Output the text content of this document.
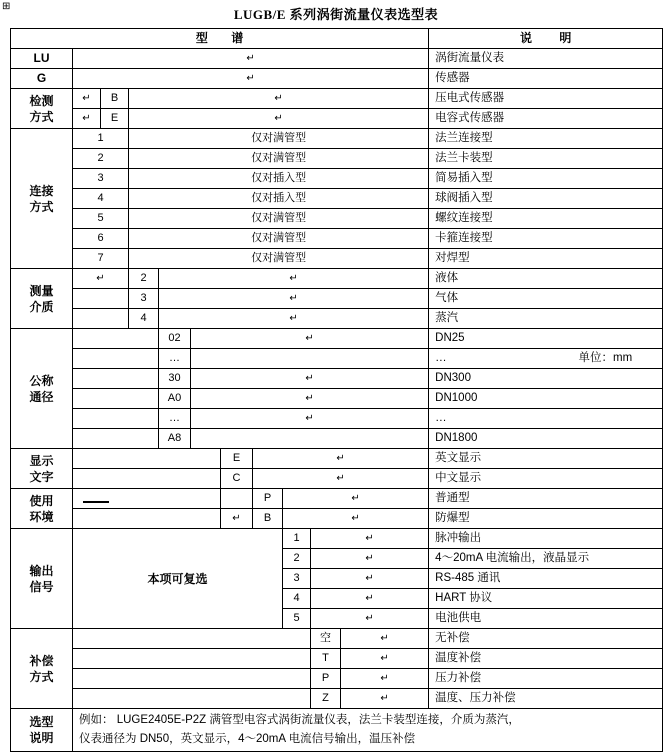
⊞
LUGB/E 系列涡街流量仪表选型表
型 谱											说 明

LU	↵										涡街流量仪表

G	↵										传感器

检测
方式	↵	B	↵								压电式传感器

	↵	E	↵								电容式传感器

连接
方式	1		仅对满管型								法兰连接型

	2		仅对满管型								法兰卡装型

	3		仅对插入型								简易插入型

	4		仅对插入型								球阀插入型

	5		仅对满管型								螺纹连接型

	6		仅对满管型								卡箍连接型

	7		仅对满管型								对焊型

测量
介质	↵		2	↵							液体

			3	↵							气体

			4	↵							蒸汽

公称
通径				02	↵						DN25

				…							… 单位：mm

				30	↵						DN300

				A0	↵						DN1000

				…	↵						…

				A8							DN1800

显示
文字						E	↵				英文显示

						C	↵				中文显示

使用
环境							P	↵			普通型

						↵	B	↵			防爆型

输出
信号	本项可复选							1	↵		脉冲输出

								2	↵		4～20mA 电流输出，液晶显示

								3	↵		RS-485 通讯

								4	↵		HART 协议

								5	↵		电池供电

补偿
方式									空	↵	无补偿

									T	↵	温度补偿

									P	↵	压力补偿

									Z	↵	温度、压力补偿

选型
说明	例如： LUGE2405E-P2Z 满管型电容式涡街流量仪表，法兰卡装型连接，介质为蒸汽，
仪表通径为 DN50，英文显示，4～20mA 电流信号输出，温压补偿										
